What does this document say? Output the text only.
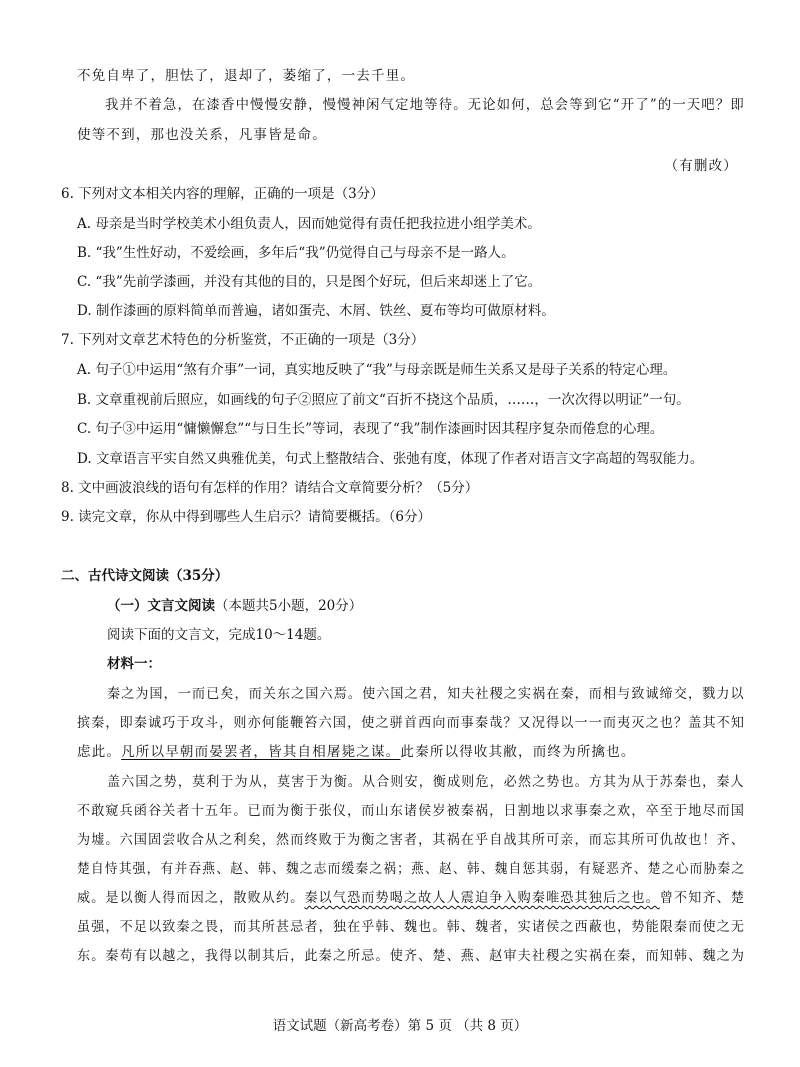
不免自卑了，胆怯了，退却了，萎缩了，一去千里。
我并不着急，在漆香中慢慢安静，慢慢神闲气定地等待。无论如何，总会等到它“开了”的一天吧？即
使等不到，那也没关系，凡事皆是命。
（有删改）
6. 下列对文本相关内容的理解，正确的一项是（3分）
A. 母亲是当时学校美术小组负责人，因而她觉得有责任把我拉进小组学美术。
B. “我”生性好动，不爱绘画，多年后“我”仍觉得自己与母亲不是一路人。
C. “我”先前学漆画，并没有其他的目的，只是图个好玩，但后来却迷上了它。
D. 制作漆画的原料简单而普遍，诸如蛋壳、木屑、铁丝、夏布等均可做原材料。
7. 下列对文章艺术特色的分析鉴赏，不正确的一项是（3分）
A. 句子①中运用“煞有介事”一词，真实地反映了“我”与母亲既是师生关系又是母子关系的特定心理。
B. 文章重视前后照应，如画线的句子②照应了前文“百折不挠这个品质，……，一次次得以明证”一句。
C. 句子③中运用“慵懒懈怠”“与日生长”等词，表现了“我”制作漆画时因其程序复杂而倦怠的心理。
D. 文章语言平实自然又典雅优美，句式上整散结合、张弛有度，体现了作者对语言文字高超的驾驭能力。
8. 文中画波浪线的语句有怎样的作用？请结合文章简要分析？（5分）
9. 读完文章，你从中得到哪些人生启示？请简要概括。（6分）
二、古代诗文阅读（35分）
（一）文言文阅读（本题共5小题，20分）
阅读下面的文言文，完成10～14题。
材料一：
秦之为国，一而已矣，而关东之国六焉。使六国之君，知夫社稷之实祸在秦，而相与致诚缔交，戮力以
摈秦，即秦诚巧于攻斗，则亦何能鞭笞六国，使之骈首西向而事秦哉？又况得以一一而夷灭之也？盖其不知
虑此。凡所以早朝而晏罢者，皆其自相屠毙之谋。此秦所以得收其敝，而终为所擒也。
盖六国之势，莫利于为从，莫害于为衡。从合则安，衡成则危，必然之势也。方其为从于苏秦也，秦人
不敢窥兵函谷关者十五年。已而为衡于张仪，而山东诸侯岁被秦祸，日割地以求事秦之欢，卒至于地尽而国
为墟。六国固尝收合从之利矣，然而终败于为衡之害者，其祸在乎自战其所可亲，而忘其所可仇故也！齐、
楚自恃其强，有并吞燕、赵、韩、魏之志而缓秦之祸；燕、赵、韩、魏自惩其弱，有疑恶齐、楚之心而胁秦之
威。是以衡人得而因之，散败从约。秦以气恐而势喝之故人人震迫争入购秦唯恐其独后之也。曾不知齐、楚
虽强，不足以致秦之畏，而其所甚忌者，独在乎韩、魏也。韩、魏者，实诸侯之西蔽也，势能限秦而使之无
东。秦苟有以越之，我得以制其后，此秦之所忌。使齐、楚、燕、赵审夫社稷之实祸在秦，而知韩、魏之为
语文试题（新高考卷）第 5 页 （共 8 页）
